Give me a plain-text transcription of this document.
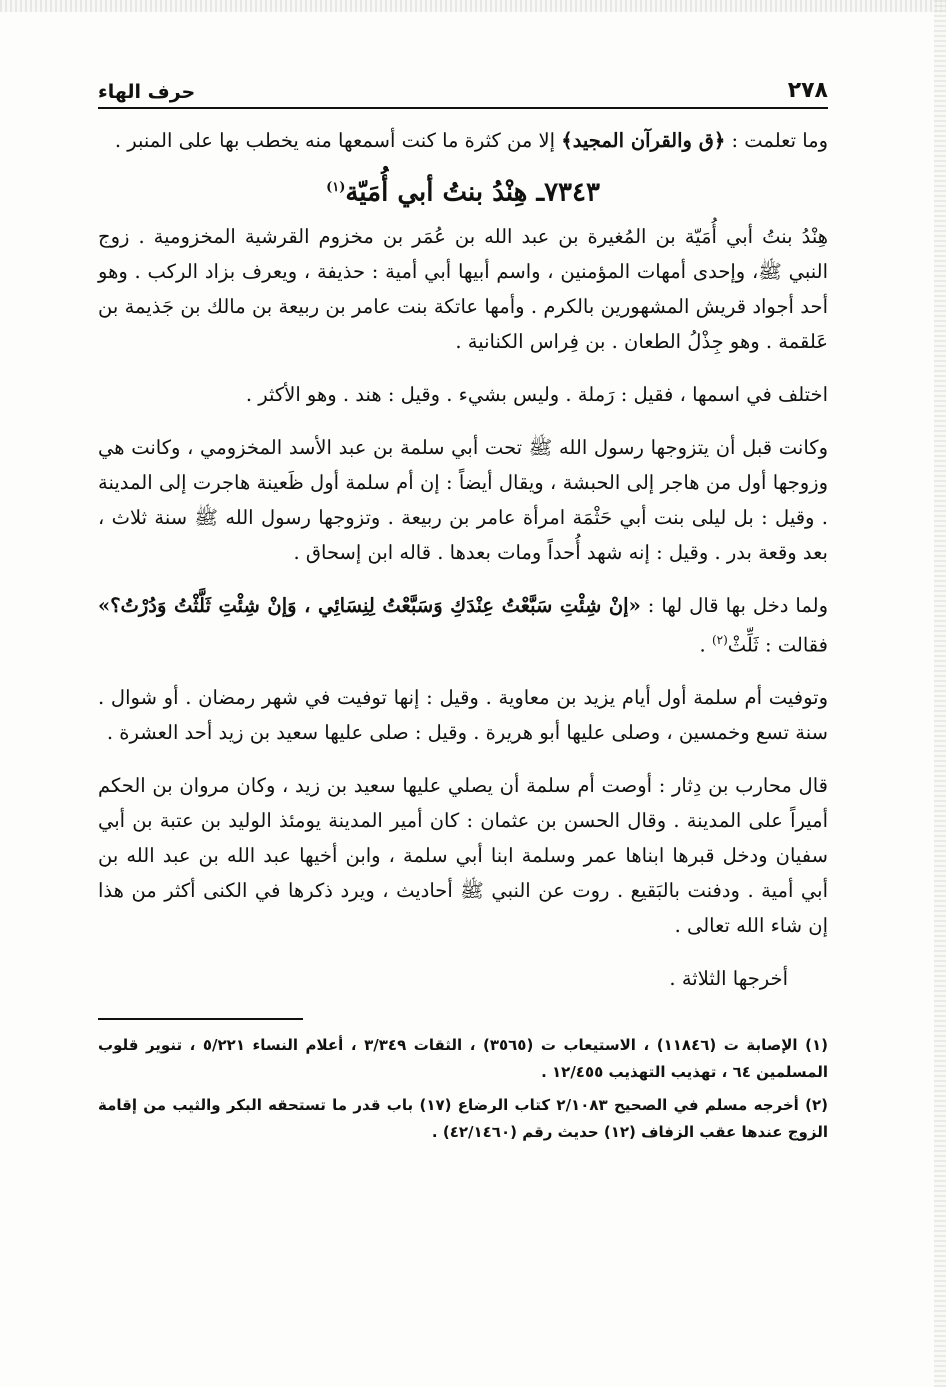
٢٧٨
حرف الهاء

وما تعلمت : ﴿ق والقرآن المجيد﴾ إلا من كثرة ما كنت أسمعها منه يخطب بها على المنبر .

٧٣٤٣ـ هِنْدُ بنتُ أبي أُمَيّة$^{(١)}$

هِنْدُ بنتُ أبي أُمَيّة بن المُغيرة بن عبد الله بن عُمَر بن مخزوم القرشية المخزومية . زوج النبي ﷺ، وإحدى أمهات المؤمنين ، واسم أبيها أبي أمية : حذيفة ، ويعرف بزاد الركب . وهو أحد أجواد قريش المشهورين بالكرم . وأمها عاتكة بنت عامر بن ربيعة بن مالك بن جَذيمة بن عَلقمة . وهو جِذْلُ الطعان . بن فِراس الكنانية .

اختلف في اسمها ، فقيل : رَملة . وليس بشيء . وقيل : هند . وهو الأكثر .

وكانت قبل أن يتزوجها رسول الله ﷺ تحت أبي سلمة بن عبد الأسد المخزومي ، وكانت هي وزوجها أول من هاجر إلى الحبشة ، ويقال أيضاً : إن أم سلمة أول ظَعينة هاجرت إلى المدينة . وقيل : بل ليلى بنت أبي حَثْمَة امرأة عامر بن ربيعة . وتزوجها رسول الله ﷺ سنة ثلاث ، بعد وقعة بدر . وقيل : إنه شهد أُحداً ومات بعدها . قاله ابن إسحاق .

ولما دخل بها قال لها : «إنْ شِئْتِ سَبَّعْتُ عِنْدَكِ وَسَبَّعْتُ لِنِسَائِي ، وَإنْ شِئْتِ ثَلَّثْتُ وَدُرْتُ؟» فقالت : ثَلِّثْ$^{(٢)}$ .

وتوفيت أم سلمة أول أيام يزيد بن معاوية . وقيل : إنها توفيت في شهر رمضان . أو شوال . سنة تسع وخمسين ، وصلى عليها أبو هريرة . وقيل : صلى عليها سعيد بن زيد أحد العشرة .

قال محارب بن دِثار : أوصت أم سلمة أن يصلي عليها سعيد بن زيد ، وكان مروان بن الحكم أميراً على المدينة . وقال الحسن بن عثمان : كان أمير المدينة يومئذ الوليد بن عتبة بن أبي سفيان ودخل قبرها ابناها عمر وسلمة ابنا أبي سلمة ، وابن أخيها عبد الله بن عبد الله بن أبي أمية . ودفنت بالبَقيع . روت عن النبي ﷺ أحاديث ، ويرد ذكرها في الكنى أكثر من هذا إن شاء الله تعالى .

أخرجها الثلاثة .

(١) الإصابة ت (١١٨٤٦) ، الاستيعاب ت (٣٥٦٥) ، الثقات ٣/٣٤٩ ، أعلام النساء ٥/٢٢١ ، تنوير قلوب المسلمين ٦٤ ، تهذيب التهذيب ١٢/٤٥٥ .

(٢) أخرجه مسلم في الصحيح ٢/١٠٨٣ كتاب الرضاع (١٧) باب قدر ما تستحقه البكر والثيب من إقامة الزوج عندها عقب الزفاف (١٢) حديث رقم (٤٢/١٤٦٠) .
